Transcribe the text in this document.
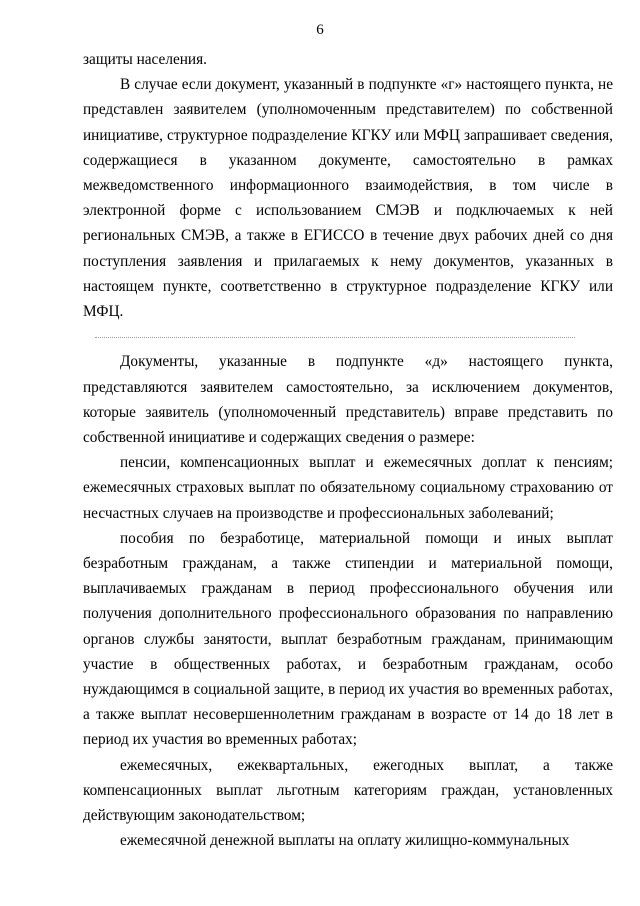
6

защиты населения.

В случае если документ, указанный в подпункте «г» настоящего пункта, не представлен заявителем (уполномоченным представителем) по собственной инициативе, структурное подразделение КГКУ или МФЦ запрашивает сведения, содержащиеся в указанном документе, самостоятельно в рамках межведомственного информационного взаимодействия, в том числе в электронной форме с использованием СМЭВ и подключаемых к ней региональных СМЭВ, а также в ЕГИССО в течение двух рабочих дней со дня поступления заявления и прилагаемых к нему документов, указанных в настоящем пункте, соответственно в структурное подразделение КГКУ или МФЦ.

Документы, указанные в подпункте «д» настоящего пункта, представляются заявителем самостоятельно, за исключением документов, которые заявитель (уполномоченный представитель) вправе представить по собственной инициативе и содержащих сведения о размере:

пенсии, компенсационных выплат и ежемесячных доплат к пенсиям; ежемесячных страховых выплат по обязательному социальному страхованию от несчастных случаев на производстве и профессиональных заболеваний;

пособия по безработице, материальной помощи и иных выплат безработным гражданам, а также стипендии и материальной помощи, выплачиваемых гражданам в период профессионального обучения или получения дополнительного профессионального образования по направлению органов службы занятости, выплат безработным гражданам, принимающим участие в общественных работах, и безработным гражданам, особо нуждающимся в социальной защите, в период их участия во временных работах, а также выплат несовершеннолетним гражданам в возрасте от 14 до 18 лет в период их участия во временных работах;

ежемесячных, ежеквартальных, ежегодных выплат, а также компенсационных выплат льготным категориям граждан, установленных действующим законодательством;

ежемесячной денежной выплаты на оплату жилищно-коммунальных
